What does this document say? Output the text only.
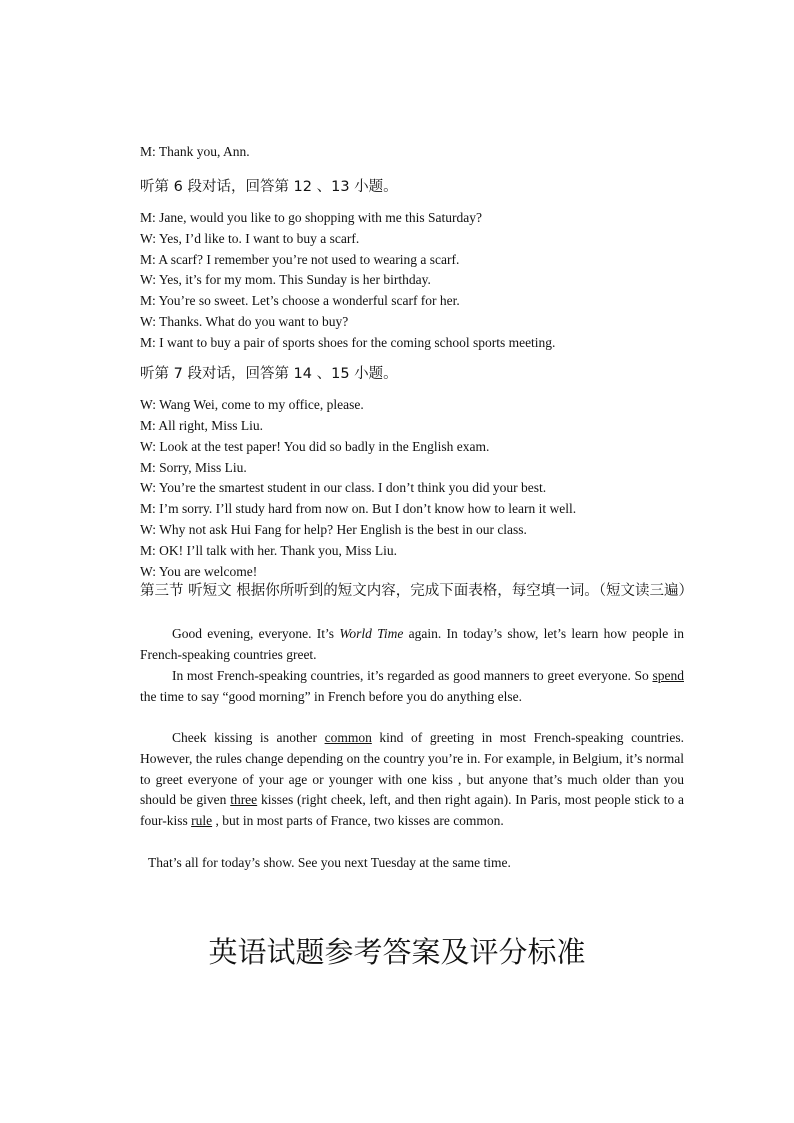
M: Thank you, Ann.
听第 6 段对话，回答第 12 、13 小题。
M: Jane, would you like to go shopping with me this Saturday?
W: Yes, I’d like to. I want to buy a scarf.
M: A scarf? I remember you’re not used to wearing a scarf.
W: Yes, it’s for my mom. This Sunday is her birthday.
M: You’re so sweet. Let’s choose a wonderful scarf for her.
W: Thanks. What do you want to buy?
M: I want to buy a pair of sports shoes for the coming school sports meeting.
听第 7 段对话，回答第 14 、15 小题。
W: Wang Wei, come to my office, please.
M: All right, Miss Liu.
W: Look at the test paper! You did so badly in the English exam.
M: Sorry, Miss Liu.
W: You’re the smartest student in our class. I don’t think you did your best.
M: I’m sorry. I’ll study hard from now on. But I don’t know how to learn it well.
W: Why not ask Hui Fang for help? Her English is the best in our class.
M: OK! I’ll talk with her. Thank you, Miss Liu.
W: You are welcome!
第三节 听短文 根据你所听到的短文内容，完成下面表格，每空填一词。（短文读三遍）
Good evening, everyone. It’s World Time again. In today’s show, let’s learn how people in French-speaking countries greet.
In most French-speaking countries, it’s regarded as good manners to greet everyone. So spend the time to say “good morning” in French before you do anything else.
Cheek kissing is another common kind of greeting in most French-speaking countries. However, the rules change depending on the country you’re in. For example, in Belgium, it’s normal to greet everyone of your age or younger with one kiss , but anyone that’s much older than you should be given three kisses (right cheek, left, and then right again). In Paris, most people stick to a four-kiss rule , but in most parts of France, two kisses are common.
That’s all for today’s show. See you next Tuesday at the same time.
英语试题参考答案及评分标准
